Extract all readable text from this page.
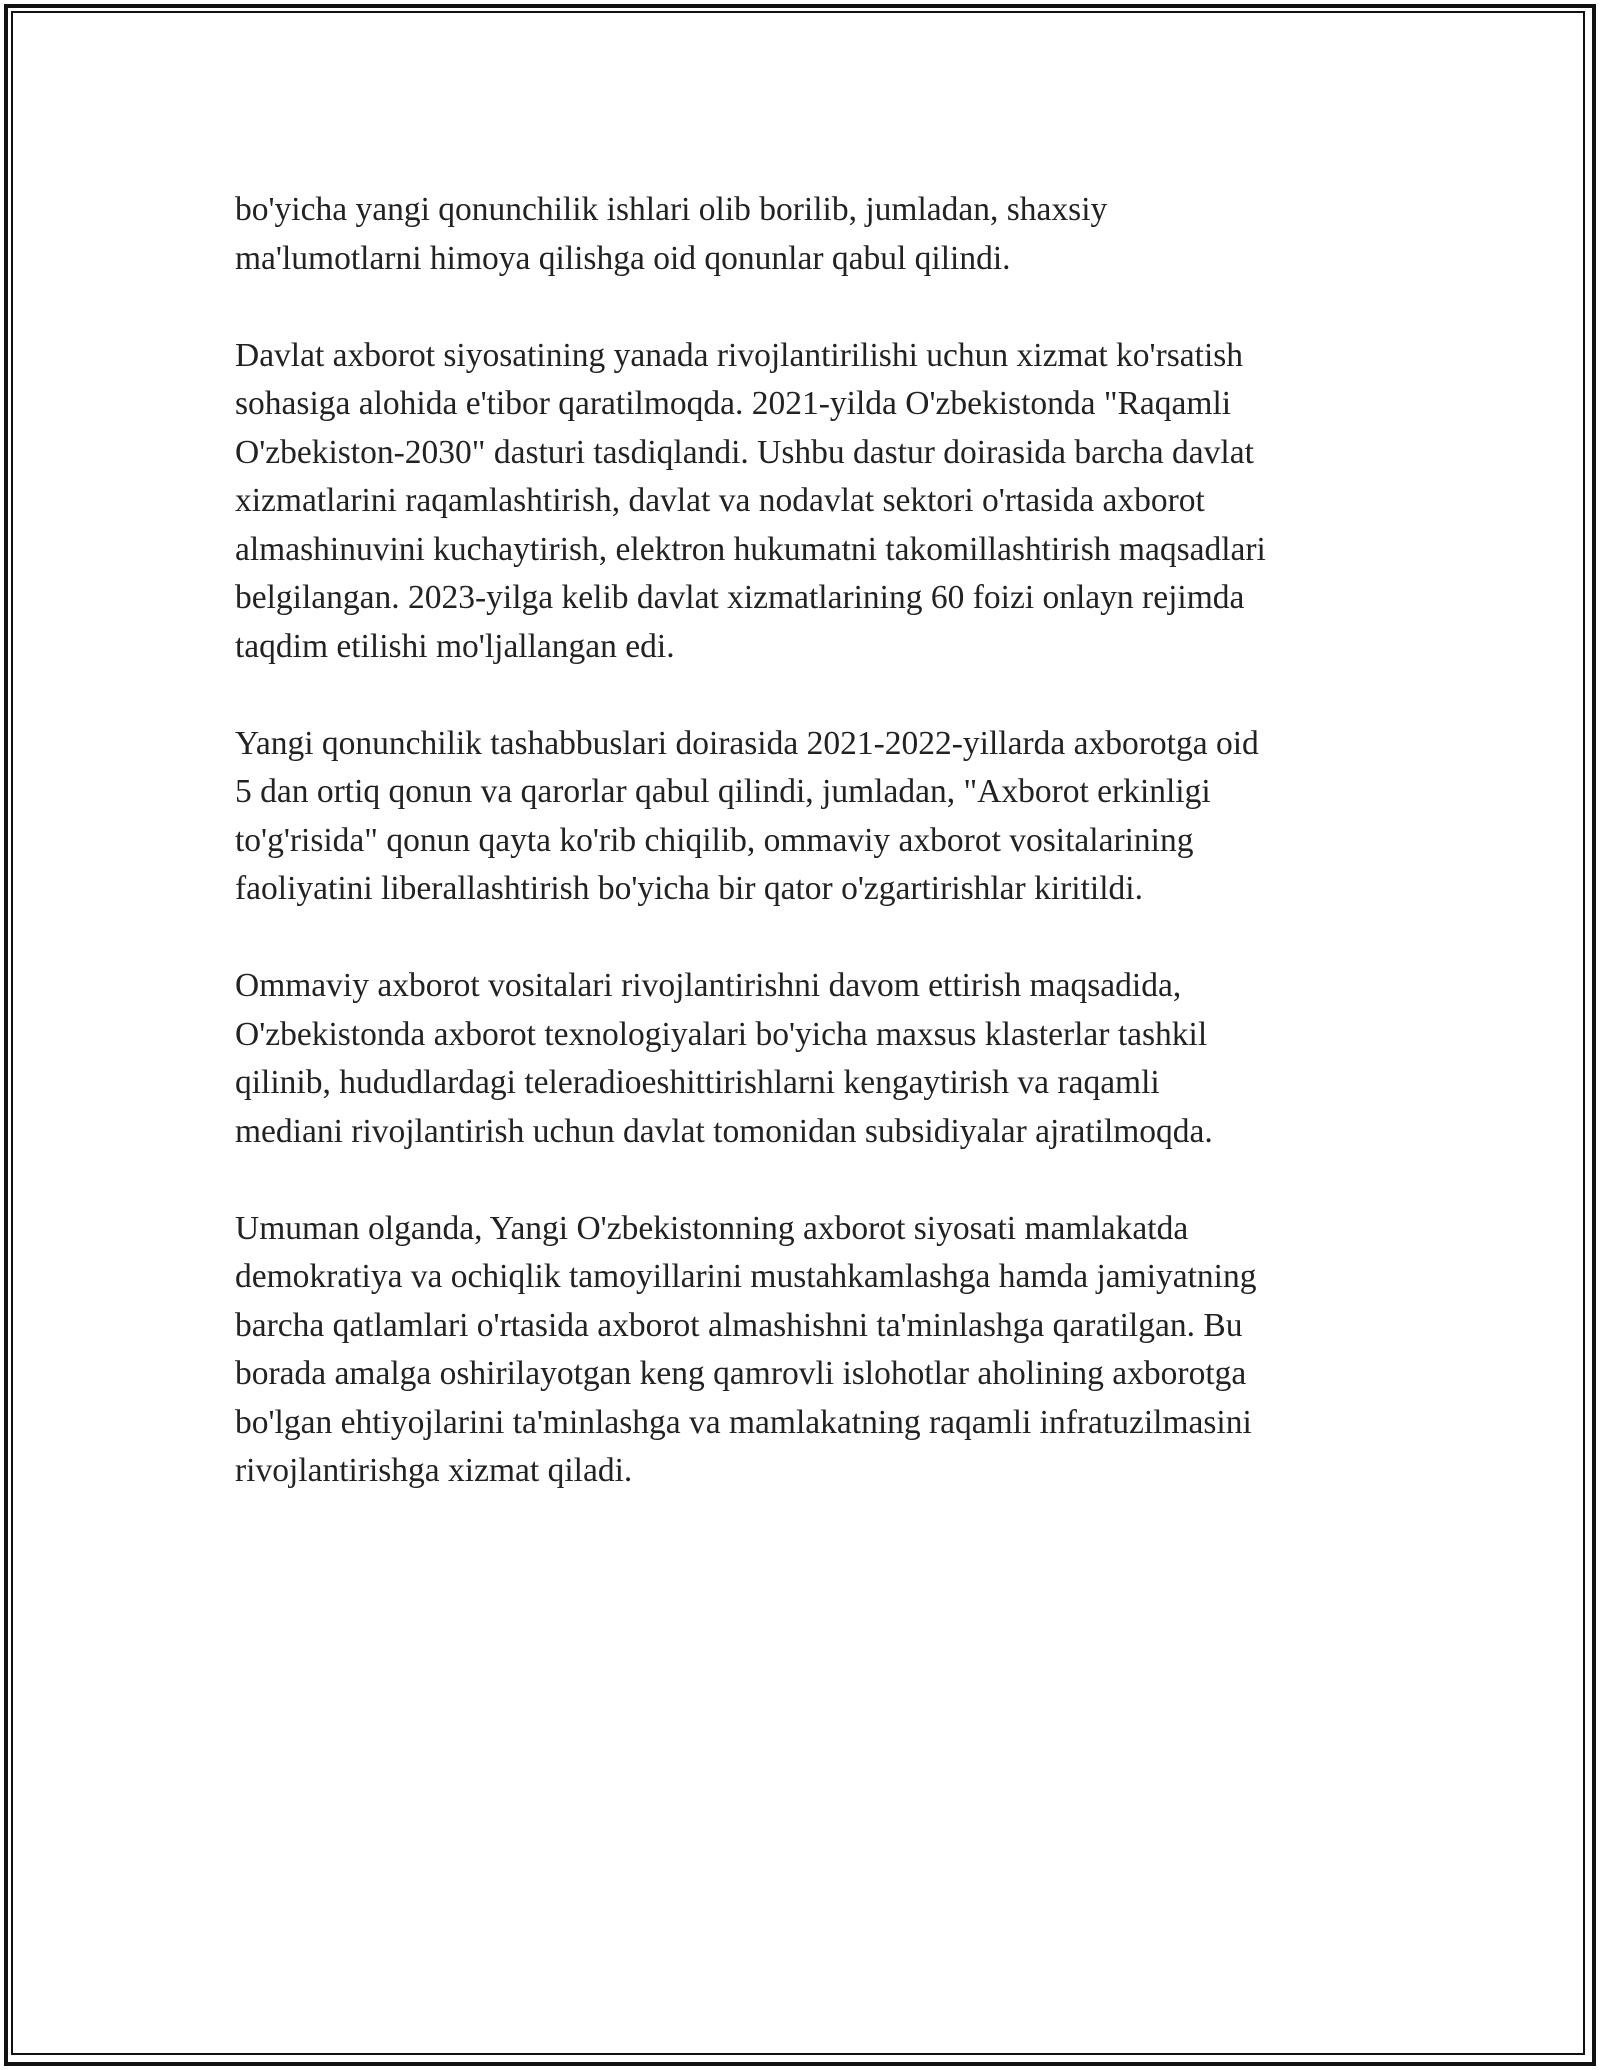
bo'yicha yangi qonunchilik ishlari olib borilib, jumladan, shaxsiy
ma'lumotlarni himoya qilishga oid qonunlar qabul qilindi.

Davlat axborot siyosatining yanada rivojlantirilishi uchun xizmat ko'rsatish
sohasiga alohida e'tibor qaratilmoqda. 2021-yilda O'zbekistonda "Raqamli
O'zbekiston-2030" dasturi tasdiqlandi. Ushbu dastur doirasida barcha davlat
xizmatlarini raqamlashtirish, davlat va nodavlat sektori o'rtasida axborot
almashinuvini kuchaytirish, elektron hukumatni takomillashtirish maqsadlari
belgilangan. 2023-yilga kelib davlat xizmatlarining 60 foizi onlayn rejimda
taqdim etilishi mo'ljallangan edi.

Yangi qonunchilik tashabbuslari doirasida 2021-2022-yillarda axborotga oid
5 dan ortiq qonun va qarorlar qabul qilindi, jumladan, "Axborot erkinligi
to'g'risida" qonun qayta ko'rib chiqilib, ommaviy axborot vositalarining
faoliyatini liberallashtirish bo'yicha bir qator o'zgartirishlar kiritildi.

Ommaviy axborot vositalari rivojlantirishni davom ettirish maqsadida,
O'zbekistonda axborot texnologiyalari bo'yicha maxsus klasterlar tashkil
qilinib, hududlardagi teleradioeshittirishlarni kengaytirish va raqamli
mediani rivojlantirish uchun davlat tomonidan subsidiyalar ajratilmoqda.

Umuman olganda, Yangi O'zbekistonning axborot siyosati mamlakatda
demokratiya va ochiqlik tamoyillarini mustahkamlashga hamda jamiyatning
barcha qatlamlari o'rtasida axborot almashishni ta'minlashga qaratilgan. Bu
borada amalga oshirilayotgan keng qamrovli islohotlar aholining axborotga
bo'lgan ehtiyojlarini ta'minlashga va mamlakatning raqamli infratuzilmasini
rivojlantirishga xizmat qiladi.
